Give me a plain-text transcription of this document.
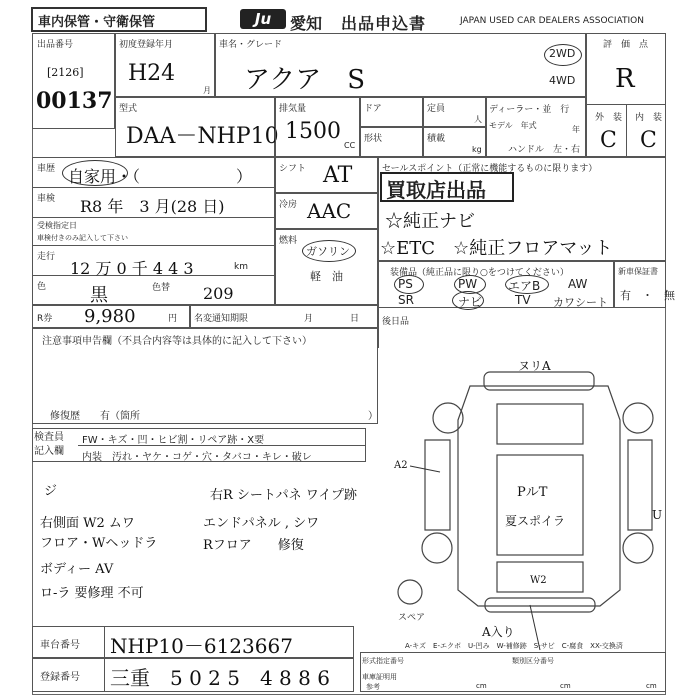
車内保管・守衛保管	Ju	愛知 出品申込書	JAPAN USED CAR DEALERS ASSOCIATION
出品番号
[2126]
00137
初度登録年月
H24
月
車名・グレード
アクア　S
2WD
4WD
評　価　点
R
外　装 内　装
C C
型式
DAA－NHP10
排気量
1500
CC
ドア	定員
人
形状	積載
kg
ディーラー・並　行
モデル　年式	年
ハンドル　左・右
車歴 自家用・（　　　　　　）
車検 R8 年　3 月(28 日)
受検指定日
車検付きのみ記入して下さい
走行
12 万 0 千 4 4 3	km
色 黒	色替 209
シフト AT
冷房 AAC
燃料
ガソリン
軽　油
R券 9,980	円 名変通知期限	月	日
セールスポイント（正常に機能するものに限ります）
買取店出品
☆純正ナビ
☆ETC　☆純正フロアマット
装備品（純正品に限り○をつけてください）
PS	PW	エアB AW
SR	ナビ	TV カワシート
新車保証書
有　・　無
後日品
注意事項申告欄（不具合内容等は具体的に記入して下さい）
修復歴　　有（箇所	）
検査員
記入欄
FW・キズ・凹・ヒビ割・リペア跡・X要
内装 汚れ・ヤケ・コゲ・穴・タバコ・キレ・破レ
ジ
右側面 W2 ムワ
フロア・Wヘッドラ
ボディー AV
ロ-ラ 要修理 不可
右R シートパネ ワイプ跡
エンドパネル , シワ
Rフロア　　修復
ヌリA
A2
U
PルT
夏スポイラ
W2
スペア
A入り
A-キズ　E-エクボ　U-凹み　W-補修跡　S-サビ　C-腐食　XX-交換済
車台番号 NHP10－6123667
登録番号 三重　5 0 2 5　4 8 8 6
形式指定番号	類別区分番号
車庫証明用
参考	cm	cm	cm
